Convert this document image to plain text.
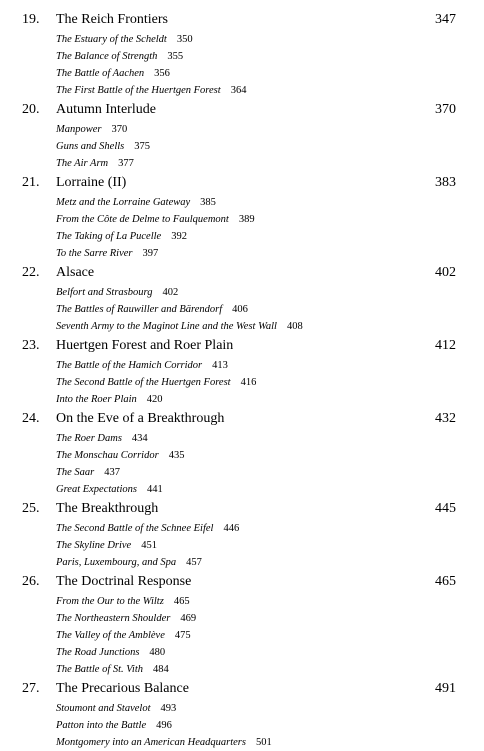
19.	The Reich Frontiers	347
The Estuary of the Scheldt 350
The Balance of Strength 355
The Battle of Aachen 356
The First Battle of the Huertgen Forest 364
20.	Autumn Interlude	370
Manpower 370
Guns and Shells 375
The Air Arm 377
21.	Lorraine (II)	383
Metz and the Lorraine Gateway 385
From the Côte de Delme to Faulquemont 389
The Taking of La Pucelle 392
To the Sarre River 397
22.	Alsace	402
Belfort and Strasbourg 402
The Battles of Rauwiller and Bärendorf 406
Seventh Army to the Maginot Line and the West Wall 408
23.	Huertgen Forest and Roer Plain	412
The Battle of the Hamich Corridor 413
The Second Battle of the Huertgen Forest 416
Into the Roer Plain 420
24.	On the Eve of a Breakthrough	432
The Roer Dams 434
The Monschau Corridor 435
The Saar 437
Great Expectations 441
25.	The Breakthrough	445
The Second Battle of the Schnee Eifel 446
The Skyline Drive 451
Paris, Luxembourg, and Spa 457
26.	The Doctrinal Response	465
From the Our to the Wiltz 465
The Northeastern Shoulder 469
The Valley of the Amblève 475
The Road Junctions 480
The Battle of St. Vith 484
27.	The Precarious Balance	491
Stoumont and Stavelot 493
Patton into the Battle 496
Montgomery into an American Headquarters 501
